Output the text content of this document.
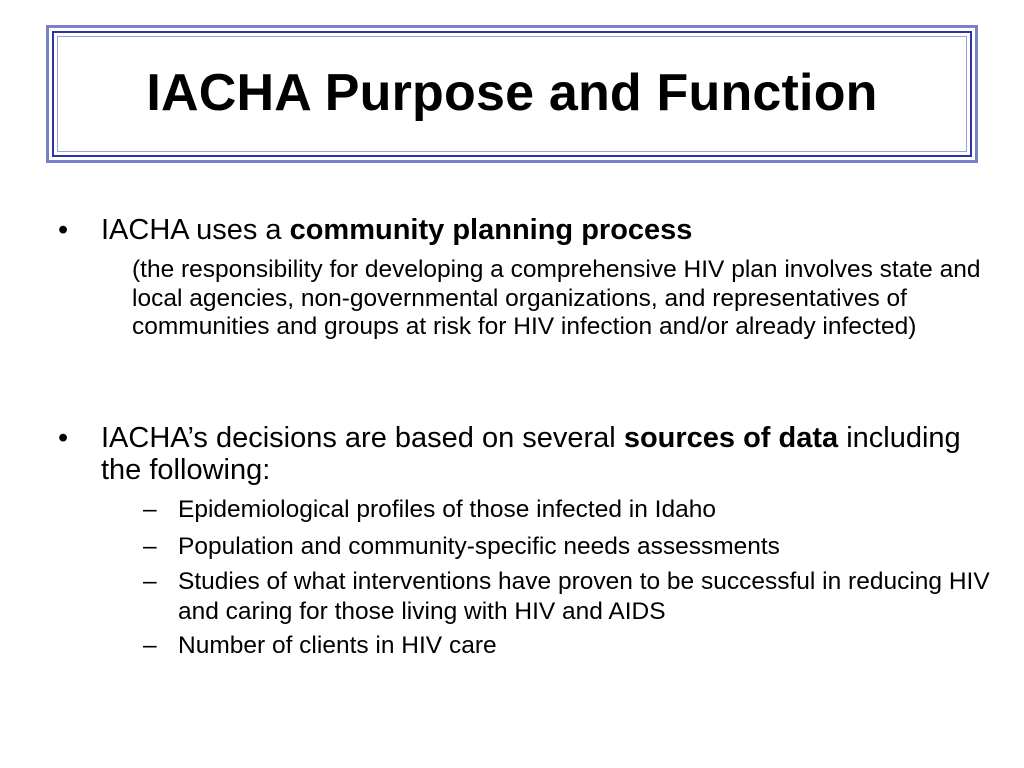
IACHA Purpose and Function
• IACHA uses a community planning process
(the responsibility for developing a comprehensive HIV plan involves state and local agencies, non-governmental organizations, and representatives of communities and groups at risk for HIV infection and/or already infected)
• IACHA’s decisions are based on several sources of data including the following:
– Epidemiological profiles of those infected in Idaho
– Population and community-specific needs assessments
– Studies of what interventions have proven to be successful in reducing HIV and caring for those living with HIV and AIDS
– Number of clients in HIV care
